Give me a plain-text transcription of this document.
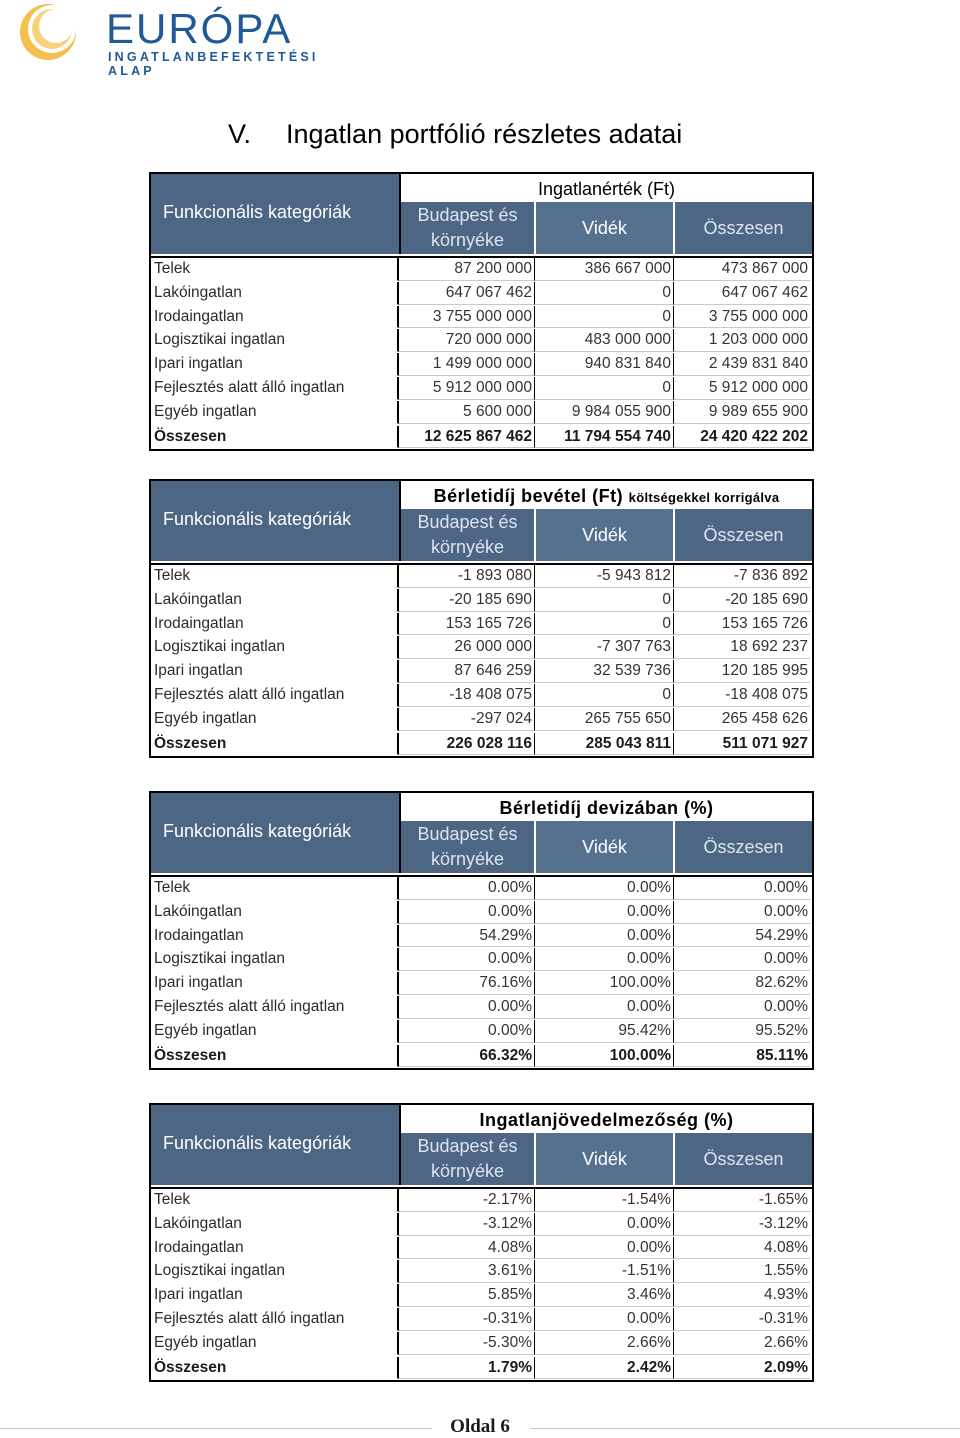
EURÓPA
INGATLANBEFEKTETÉSI ALAP
V. Ingatlan portfólió részletes adatai
Funkcionális kategóriák
Ingatlanérték (Ft)
Budapest és
környéke
Vidék	Összesen
Telek	87 200 000	386 667 000	473 867 000
Lakóingatlan	647 067 462	0	647 067 462
Irodaingatlan	3 755 000 000	0	3 755 000 000
Logisztikai ingatlan	720 000 000	483 000 000	1 203 000 000
Ipari ingatlan	1 499 000 000	940 831 840	2 439 831 840
Fejlesztés alatt álló ingatlan	5 912 000 000	0	5 912 000 000
Egyéb ingatlan	5 600 000	9 984 055 900	9 989 655 900
Összesen	12 625 867 462	11 794 554 740	24 420 422 202
Funkcionális kategóriák
Bérletidíj bevétel (Ft) költségekkel korrigálva
Budapest és
környéke
Vidék	Összesen
Telek	-1 893 080	-5 943 812	-7 836 892
Lakóingatlan	-20 185 690	0	-20 185 690
Irodaingatlan	153 165 726	0	153 165 726
Logisztikai ingatlan	26 000 000	-7 307 763	18 692 237
Ipari ingatlan	87 646 259	32 539 736	120 185 995
Fejlesztés alatt álló ingatlan	-18 408 075	0	-18 408 075
Egyéb ingatlan	-297 024	265 755 650	265 458 626
Összesen	226 028 116	285 043 811	511 071 927
Funkcionális kategóriák
Bérletidíj devizában (%)
Budapest és
környéke
Vidék	Összesen
Telek	0.00%	0.00%	0.00%
Lakóingatlan	0.00%	0.00%	0.00%
Irodaingatlan	54.29%	0.00%	54.29%
Logisztikai ingatlan	0.00%	0.00%	0.00%
Ipari ingatlan	76.16%	100.00%	82.62%
Fejlesztés alatt álló ingatlan	0.00%	0.00%	0.00%
Egyéb ingatlan	0.00%	95.42%	95.52%
Összesen	66.32%	100.00%	85.11%
Funkcionális kategóriák
Ingatlanjövedelmezőség (%)
Budapest és
környéke
Vidék	Összesen
Telek	-2.17%	-1.54%	-1.65%
Lakóingatlan	-3.12%	0.00%	-3.12%
Irodaingatlan	4.08%	0.00%	4.08%
Logisztikai ingatlan	3.61%	-1.51%	1.55%
Ipari ingatlan	5.85%	3.46%	4.93%
Fejlesztés alatt álló ingatlan	-0.31%	0.00%	-0.31%
Egyéb ingatlan	-5.30%	2.66%	2.66%
Összesen	1.79%	2.42%	2.09%
Oldal 6
